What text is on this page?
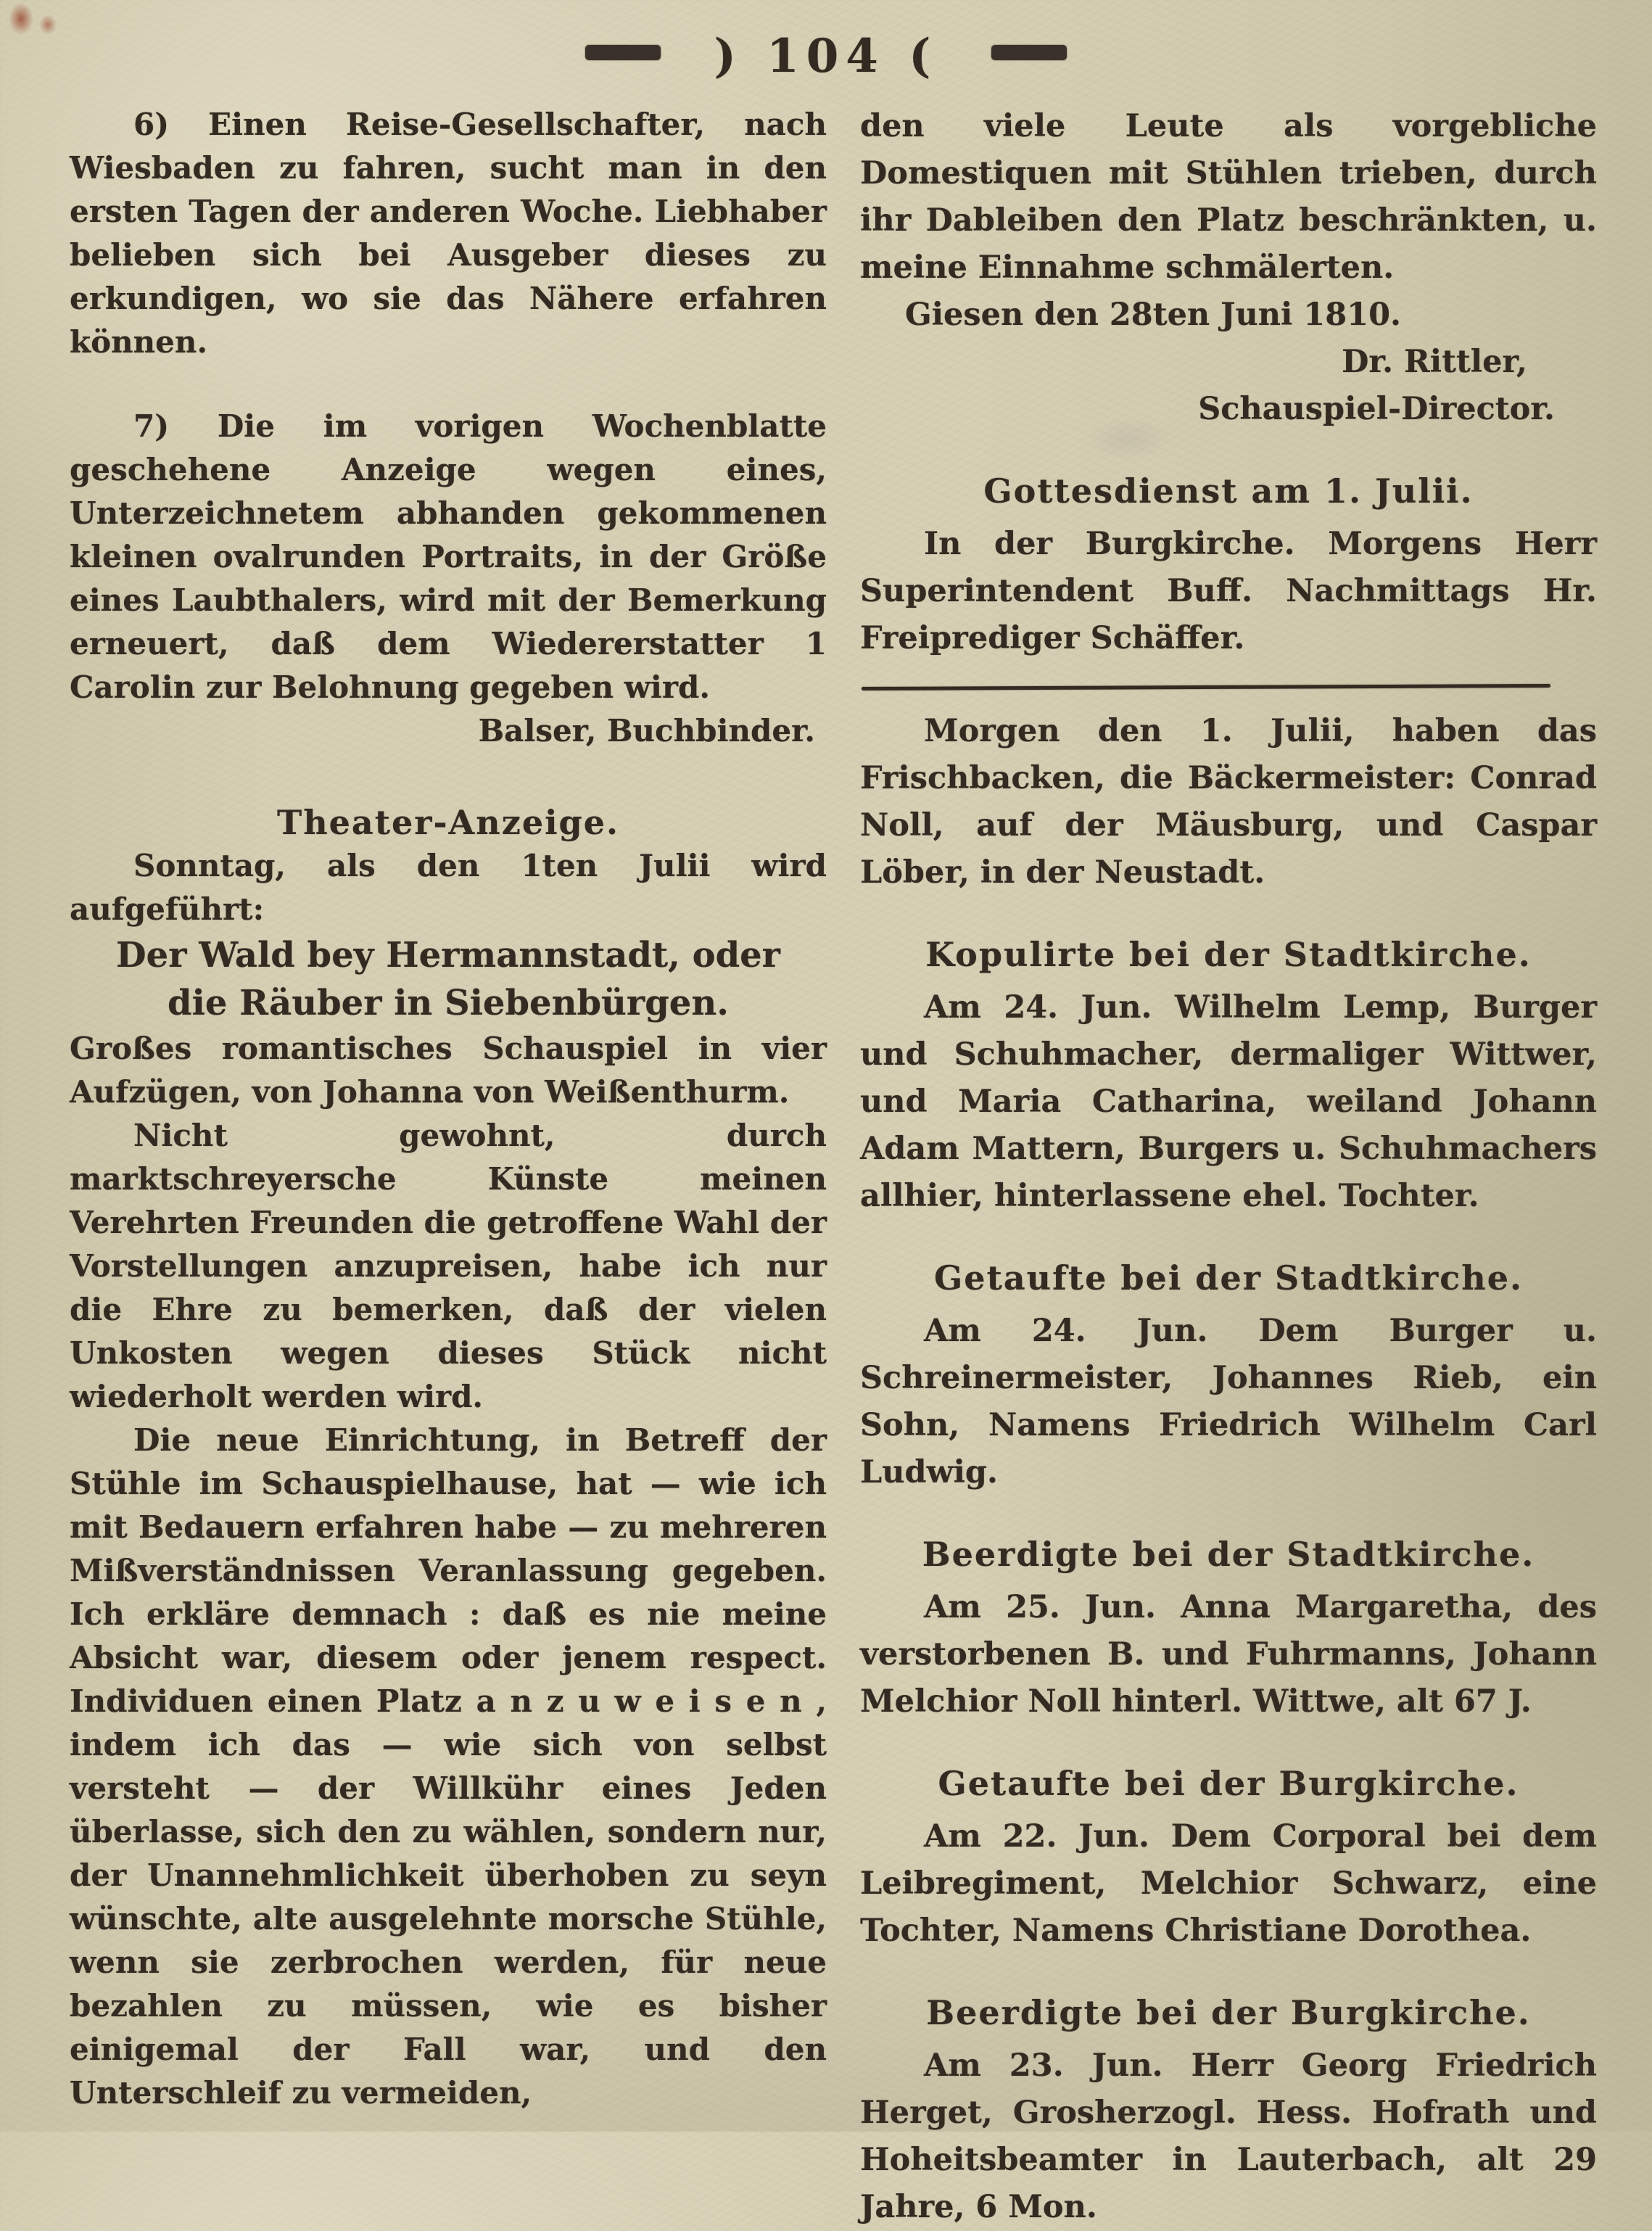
) 104 (

6) Einen Reise-Gesellschafter, nach Wiesbaden zu fahren, sucht man in den ersten Tagen der anderen Woche. Liebhaber belieben sich bei Ausgeber dieses zu erkundigen, wo sie das Nähere erfahren können.

7) Die im vorigen Wochenblatte geschehene Anzeige wegen eines, Unterzeichnetem abhanden gekommenen kleinen ovalrunden Portraits, in der Größe eines Laubthalers, wird mit der Bemerkung erneuert, daß dem Wiedererstatter 1 Carolin zur Belohnung gegeben wird.

Balser, Buchbinder.

Theater-Anzeige.

Sonntag, als den 1ten Julii wird aufgeführt:

Der Wald bey Hermannstadt, oder

die Räuber in Siebenbürgen.

Großes romantisches Schauspiel in vier Aufzügen, von Johanna von Weißenthurm.

Nicht gewohnt, durch marktschreyersche Künste meinen Verehrten Freunden die getroffene Wahl der Vorstellungen anzupreisen, habe ich nur die Ehre zu bemerken, daß der vielen Unkosten wegen dieses Stück nicht wiederholt werden wird.

Die neue Einrichtung, in Betreff der Stühle im Schauspielhause, hat — wie ich mit Bedauern erfahren habe — zu mehreren Mißverständnissen Veranlassung gegeben. Ich erkläre demnach : daß es nie meine Absicht war, diesem oder jenem respect. Individuen einen Platz a n z u w e i s e n , indem ich das — wie sich von selbst versteht — der Willkühr eines Jeden überlasse, sich den zu wählen, sondern nur, der Unannehmlichkeit überhoben zu seyn wünschte, alte ausgelehnte morsche Stühle, wenn sie zerbrochen werden, für neue bezahlen zu müssen, wie es bisher einigemal der Fall war, und den Unterschleif zu vermeiden,

den viele Leute als vorgebliche Domestiquen mit Stühlen trieben, durch ihr Dableiben den Platz beschränkten, u. meine Einnahme schmälerten.

Giesen den 28ten Juni 1810.

Dr. Rittler,

Schauspiel-Director.

Gottesdienst am 1. Julii.

In der Burgkirche. Morgens Herr Superintendent Buff. Nachmittags Hr. Freiprediger Schäffer.

Morgen den 1. Julii, haben das Frischbacken, die Bäckermeister: Conrad Noll, auf der Mäusburg, und Caspar Löber, in der Neustadt.

Kopulirte bei der Stadtkirche.

Am 24. Jun. Wilhelm Lemp, Burger und Schuhmacher, dermaliger Wittwer, und Maria Catharina, weiland Johann Adam Mattern, Burgers u. Schuhmachers allhier, hinterlassene ehel. Tochter.

Getaufte bei der Stadtkirche.

Am 24. Jun. Dem Burger u. Schreinermeister, Johannes Rieb, ein Sohn, Namens Friedrich Wilhelm Carl Ludwig.

Beerdigte bei der Stadtkirche.

Am 25. Jun. Anna Margaretha, des verstorbenen B. und Fuhrmanns, Johann Melchior Noll hinterl. Wittwe, alt 67 J.

Getaufte bei der Burgkirche.

Am 22. Jun. Dem Corporal bei dem Leibregiment, Melchior Schwarz, eine Tochter, Namens Christiane Dorothea.

Beerdigte bei der Burgkirche.

Am 23. Jun. Herr Georg Friedrich Herget, Grosherzogl. Hess. Hofrath und Hoheitsbeamter in Lauterbach, alt 29 Jahre, 6 Mon.
